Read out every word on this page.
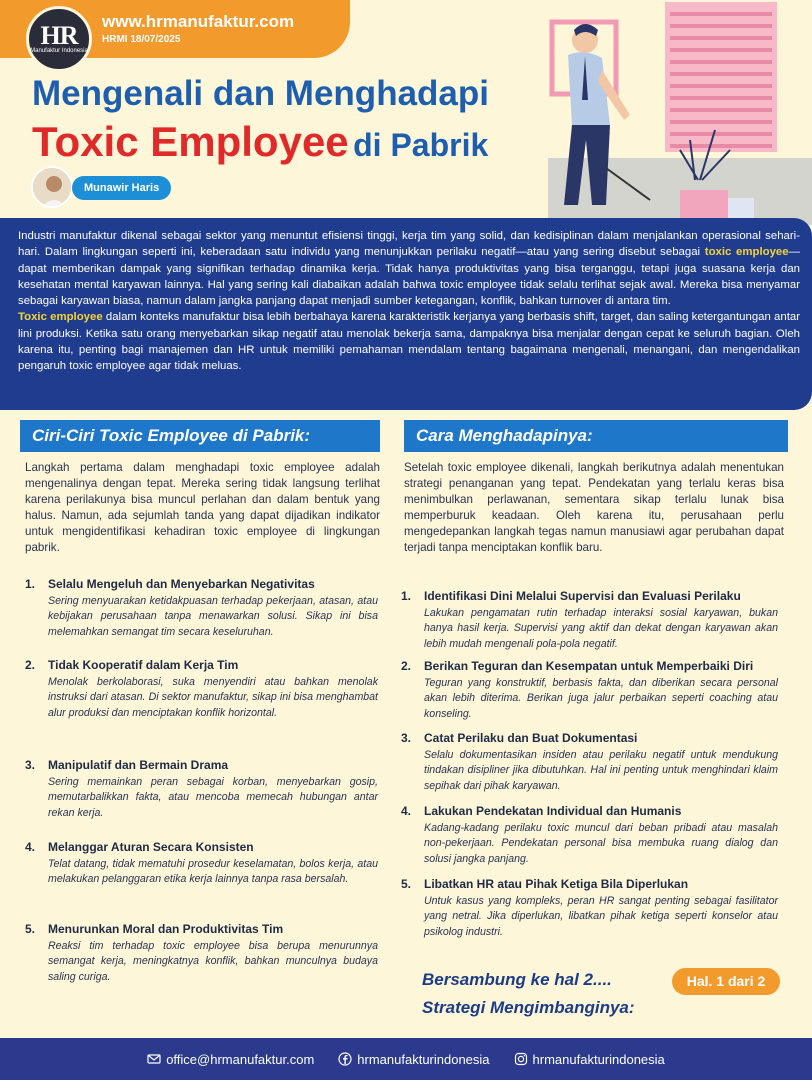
HR
Manufaktur Indonesia
www.hrmanufaktur.com
HRMI 18/07/2025
Mengenali dan Menghadapi
Toxic Employee di Pabrik
Munawir Haris

Industri manufaktur dikenal sebagai sektor yang menuntut efisiensi tinggi, kerja tim yang solid, dan kedisiplinan dalam menjalankan operasional sehari-hari. Dalam lingkungan seperti ini, keberadaan satu individu yang menunjukkan perilaku negatif—atau yang sering disebut sebagai toxic employee—dapat memberikan dampak yang signifikan terhadap dinamika kerja. Tidak hanya produktivitas yang bisa terganggu, tetapi juga suasana kerja dan kesehatan mental karyawan lainnya. Hal yang sering kali diabaikan adalah bahwa toxic employee tidak selalu terlihat sejak awal. Mereka bisa menyamar sebagai karyawan biasa, namun dalam jangka panjang dapat menjadi sumber ketegangan, konflik, bahkan turnover di antara tim.

Toxic employee dalam konteks manufaktur bisa lebih berbahaya karena karakteristik kerjanya yang berbasis shift, target, dan saling ketergantungan antar lini produksi. Ketika satu orang menyebarkan sikap negatif atau menolak bekerja sama, dampaknya bisa menjalar dengan cepat ke seluruh bagian. Oleh karena itu, penting bagi manajemen dan HR untuk memiliki pemahaman mendalam tentang bagaimana mengenali, menangani, dan mengendalikan pengaruh toxic employee agar tidak meluas.

Ciri-Ciri Toxic Employee di Pabrik:
Langkah pertama dalam menghadapi toxic employee adalah mengenalinya dengan tepat. Mereka sering tidak langsung terlihat karena perilakunya bisa muncul perlahan dan dalam bentuk yang halus. Namun, ada sejumlah tanda yang dapat dijadikan indikator untuk mengidentifikasi kehadiran toxic employee di lingkungan pabrik.
1. Selalu Mengeluh dan Menyebarkan Negativitas
Sering menyuarakan ketidakpuasan terhadap pekerjaan, atasan, atau kebijakan perusahaan tanpa menawarkan solusi. Sikap ini bisa melemahkan semangat tim secara keseluruhan.
2. Tidak Kooperatif dalam Kerja Tim
Menolak berkolaborasi, suka menyendiri atau bahkan menolak instruksi dari atasan. Di sektor manufaktur, sikap ini bisa menghambat alur produksi dan menciptakan konflik horizontal.
3. Manipulatif dan Bermain Drama
Sering memainkan peran sebagai korban, menyebarkan gosip, memutarbalikkan fakta, atau mencoba memecah hubungan antar rekan kerja.
4. Melanggar Aturan Secara Konsisten
Telat datang, tidak mematuhi prosedur keselamatan, bolos kerja, atau melakukan pelanggaran etika kerja lainnya tanpa rasa bersalah.
5. Menurunkan Moral dan Produktivitas Tim
Reaksi tim terhadap toxic employee bisa berupa menurunnya semangat kerja, meningkatnya konflik, bahkan munculnya budaya saling curiga.
Cara Menghadapinya:
Setelah toxic employee dikenali, langkah berikutnya adalah menentukan strategi penanganan yang tepat. Pendekatan yang terlalu keras bisa menimbulkan perlawanan, sementara sikap terlalu lunak bisa memperburuk keadaan. Oleh karena itu, perusahaan perlu mengedepankan langkah tegas namun manusiawi agar perubahan dapat terjadi tanpa menciptakan konflik baru.
1. Identifikasi Dini Melalui Supervisi dan Evaluasi Perilaku
Lakukan pengamatan rutin terhadap interaksi sosial karyawan, bukan hanya hasil kerja. Supervisi yang aktif dan dekat dengan karyawan akan lebih mudah mengenali pola-pola negatif.
2. Berikan Teguran dan Kesempatan untuk Memperbaiki Diri
Teguran yang konstruktif, berbasis fakta, dan diberikan secara personal akan lebih diterima. Berikan juga jalur perbaikan seperti coaching atau konseling.
3. Catat Perilaku dan Buat Dokumentasi
Selalu dokumentasikan insiden atau perilaku negatif untuk mendukung tindakan disipliner jika dibutuhkan. Hal ini penting untuk menghindari klaim sepihak dari pihak karyawan.
4. Lakukan Pendekatan Individual dan Humanis
Kadang-kadang perilaku toxic muncul dari beban pribadi atau masalah non-pekerjaan. Pendekatan personal bisa membuka ruang dialog dan solusi jangka panjang.
5. Libatkan HR atau Pihak Ketiga Bila Diperlukan
Untuk kasus yang kompleks, peran HR sangat penting sebagai fasilitator yang netral. Jika diperlukan, libatkan pihak ketiga seperti konselor atau psikolog industri.
Bersambung ke hal 2....
Strategi Mengimbanginya:
Hal. 1 dari 2
office@hrmanufaktur.com	hrmanufakturindonesia	hrmanufakturindonesia
